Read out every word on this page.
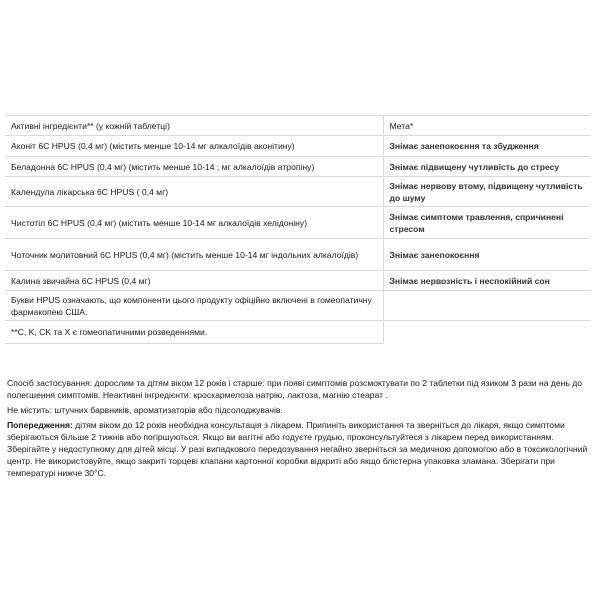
Активні інгредієнти** (у кожній таблетці)	Мета*
Аконіт 6C HPUS (0,4 мг) (містить менше 10-14 мг алкалоїдів аконітину)	Знімає занепокоєння та збудження
Беладонна 6C HPUS (0,4 мг) (містить менше 10-14 ; мг алкалоїдів атропіну)	Знімає підвищену чутливість до стресу
Календула лікарська 6C HPUS ( 0,4 мг)	Знімає нервову втому, підвищену чутливість до шуму
Чистотіл 6C HPUS (0,4 мг) (містить менше 10-14 мг алкалоїдів хелідоніну)	Знімає симптоми травлення, спричинені стресом
Чоточник молитовний 6C HPUS (0,4 мг) (містить менше 10-14 мг індольних алкалоїдів)	Знімає занепокоєння
Калина звичайна 6C HPUS (0,4 мг)	Знімає нервозність і неспокійний сон
Букви HPUS означають, що компоненти цього продукту офіційно включені в гомеопатичну фармакопею США.	
**C, K, CK та X є гомеопатичними розведеннями.	

Спосіб застосування: дорослим та дітям віком 12 років і старше: при появі симптомів розсмоктувати по 2 таблетки під язиком 3 рази на день до полегшення симптомів. Неактивні інгредієнти: кроскармелоза натрію, лактоза, магнію стеарат .

Не містить: штучних барвників, ароматизаторів або підсолоджувачів.

Попередження: дітям віком до 12 років необхідна консультація з лікарем. Припиніть використання та зверніться до лікаря, якщо симптоми зберігаються більше 2 тижнів або погіршуються. Якщо ви вагітні або годуєте грудью, проконсультуйтеся з лікарем перед використанням. Зберігайте у недоступному для дітей місці. У разі випадкового передозування негайно зверніться за медичною допомогою або в токсикологічний центр. Не використовуйте, якщо закриті торцеві клапани картонної коробки відкриті або якщо блістерна упаковка зламана. Зберігати при температурі нижче 30°C.
